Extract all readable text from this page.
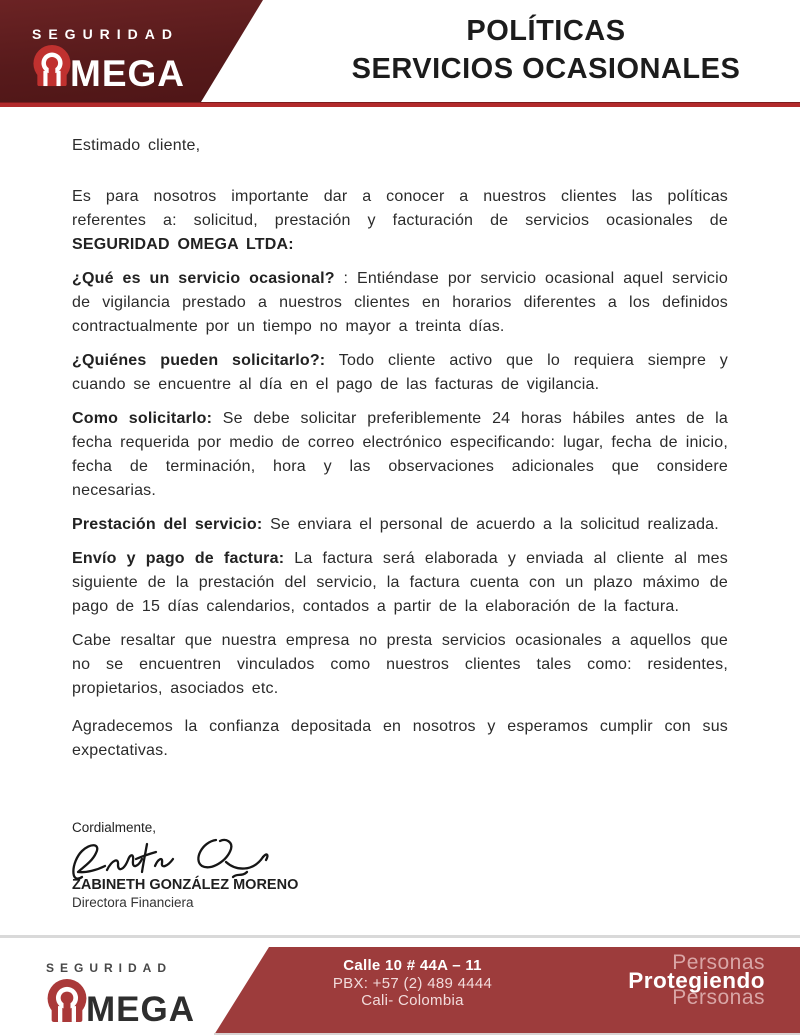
SEGURIDAD
MEGA
POLÍTICAS
SERVICIOS OCASIONALES

Estimado cliente,

Es para nosotros importante dar a conocer a nuestros clientes las políticas referentes a: solicitud, prestación y facturación de servicios ocasionales de SEGURIDAD OMEGA LTDA:

¿Qué es un servicio ocasional? : Entiéndase por servicio ocasional aquel servicio de vigilancia prestado a nuestros clientes en horarios diferentes a los definidos contractualmente por un tiempo no mayor a treinta días.

¿Quiénes pueden solicitarlo?: Todo cliente activo que lo requiera siempre y cuando se encuentre al día en el pago de las facturas de vigilancia.

Como solicitarlo: Se debe solicitar preferiblemente 24 horas hábiles antes de la fecha requerida por medio de correo electrónico especificando: lugar, fecha de inicio, fecha de terminación, hora y las observaciones adicionales que considere necesarias.

Prestación del servicio: Se enviara el personal de acuerdo a la solicitud realizada.

Envío y pago de factura: La factura será elaborada y enviada al cliente al mes siguiente de la prestación del servicio, la factura cuenta con un plazo máximo de pago de 15 días calendarios, contados a partir de la elaboración de la factura.

Cabe resaltar que nuestra empresa no presta servicios ocasionales a aquellos que no se encuentren vinculados como nuestros clientes tales como: residentes, propietarios, asociados etc.

Agradecemos la confianza depositada en nosotros y esperamos cumplir con sus expectativas.

Cordialmente,
ZABINETH GONZÁLEZ MORENO
Directora Financiera
SEGURIDAD
MEGA
Calle 10 # 44A – 11
PBX: +57 (2) 489 4444
Cali- Colombia
Personas
Protegiendo
Personas
